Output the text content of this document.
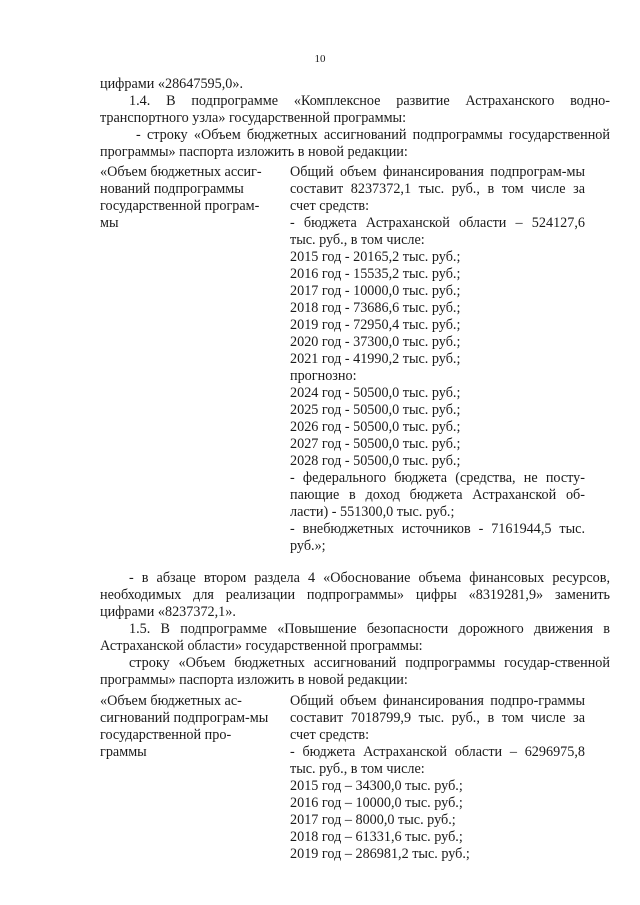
10

цифрами «28647595,0».

1.4. В подпрограмме «Комплексное развитие Астраханского водно-транспортного узла» государственной программы:

- строку «Объем бюджетных ассигнований подпрограммы государственной программы» паспорта изложить в новой редакции:

«Объем бюджетных ассиг-нований подпрограммы государственной програм-мы

Общий объем финансирования подпрограм-мы составит 8237372,1 тыс. руб., в том числе за счет средств:

- бюджета Астраханской области – 524127,6 тыс. руб., в том числе:

2015 год - 20165,2 тыс. руб.;
2016 год - 15535,2 тыс. руб.;
2017 год - 10000,0 тыс. руб.;
2018 год - 73686,6 тыс. руб.;
2019 год - 72950,4 тыс. руб.;
2020 год - 37300,0 тыс. руб.;
2021 год - 41990,2 тыс. руб.;
прогнозно:
2024 год - 50500,0 тыс. руб.;
2025 год - 50500,0 тыс. руб.;
2026 год - 50500,0 тыс. руб.;
2027 год - 50500,0 тыс. руб.;
2028 год - 50500,0 тыс. руб.;

- федерального бюджета (средства, не посту-пающие в доход бюджета Астраханской об-ласти) - 551300,0 тыс. руб.;

- внебюджетных источников - 7161944,5 тыс. руб.»;

- в абзаце втором раздела 4 «Обоснование объема финансовых ресурсов, необходимых для реализации подпрограммы» цифры «8319281,9» заменить цифрами «8237372,1».

1.5. В подпрограмме «Повышение безопасности дорожного движения в Астраханской области» государственной программы:

строку «Объем бюджетных ассигнований подпрограммы государ-ственной программы» паспорта изложить в новой редакции:

«Объем бюджетных ас-сигнований подпрограм-мы государственной про-граммы

Общий объем финансирования подпро-граммы составит 7018799,9 тыс. руб., в том числе за счет средств:

- бюджета Астраханской области – 6296975,8 тыс. руб., в том числе:

2015 год – 34300,0 тыс. руб.;
2016 год – 10000,0 тыс. руб.;
2017 год – 8000,0 тыс. руб.;
2018 год – 61331,6 тыс. руб.;
2019 год – 286981,2 тыс. руб.;
